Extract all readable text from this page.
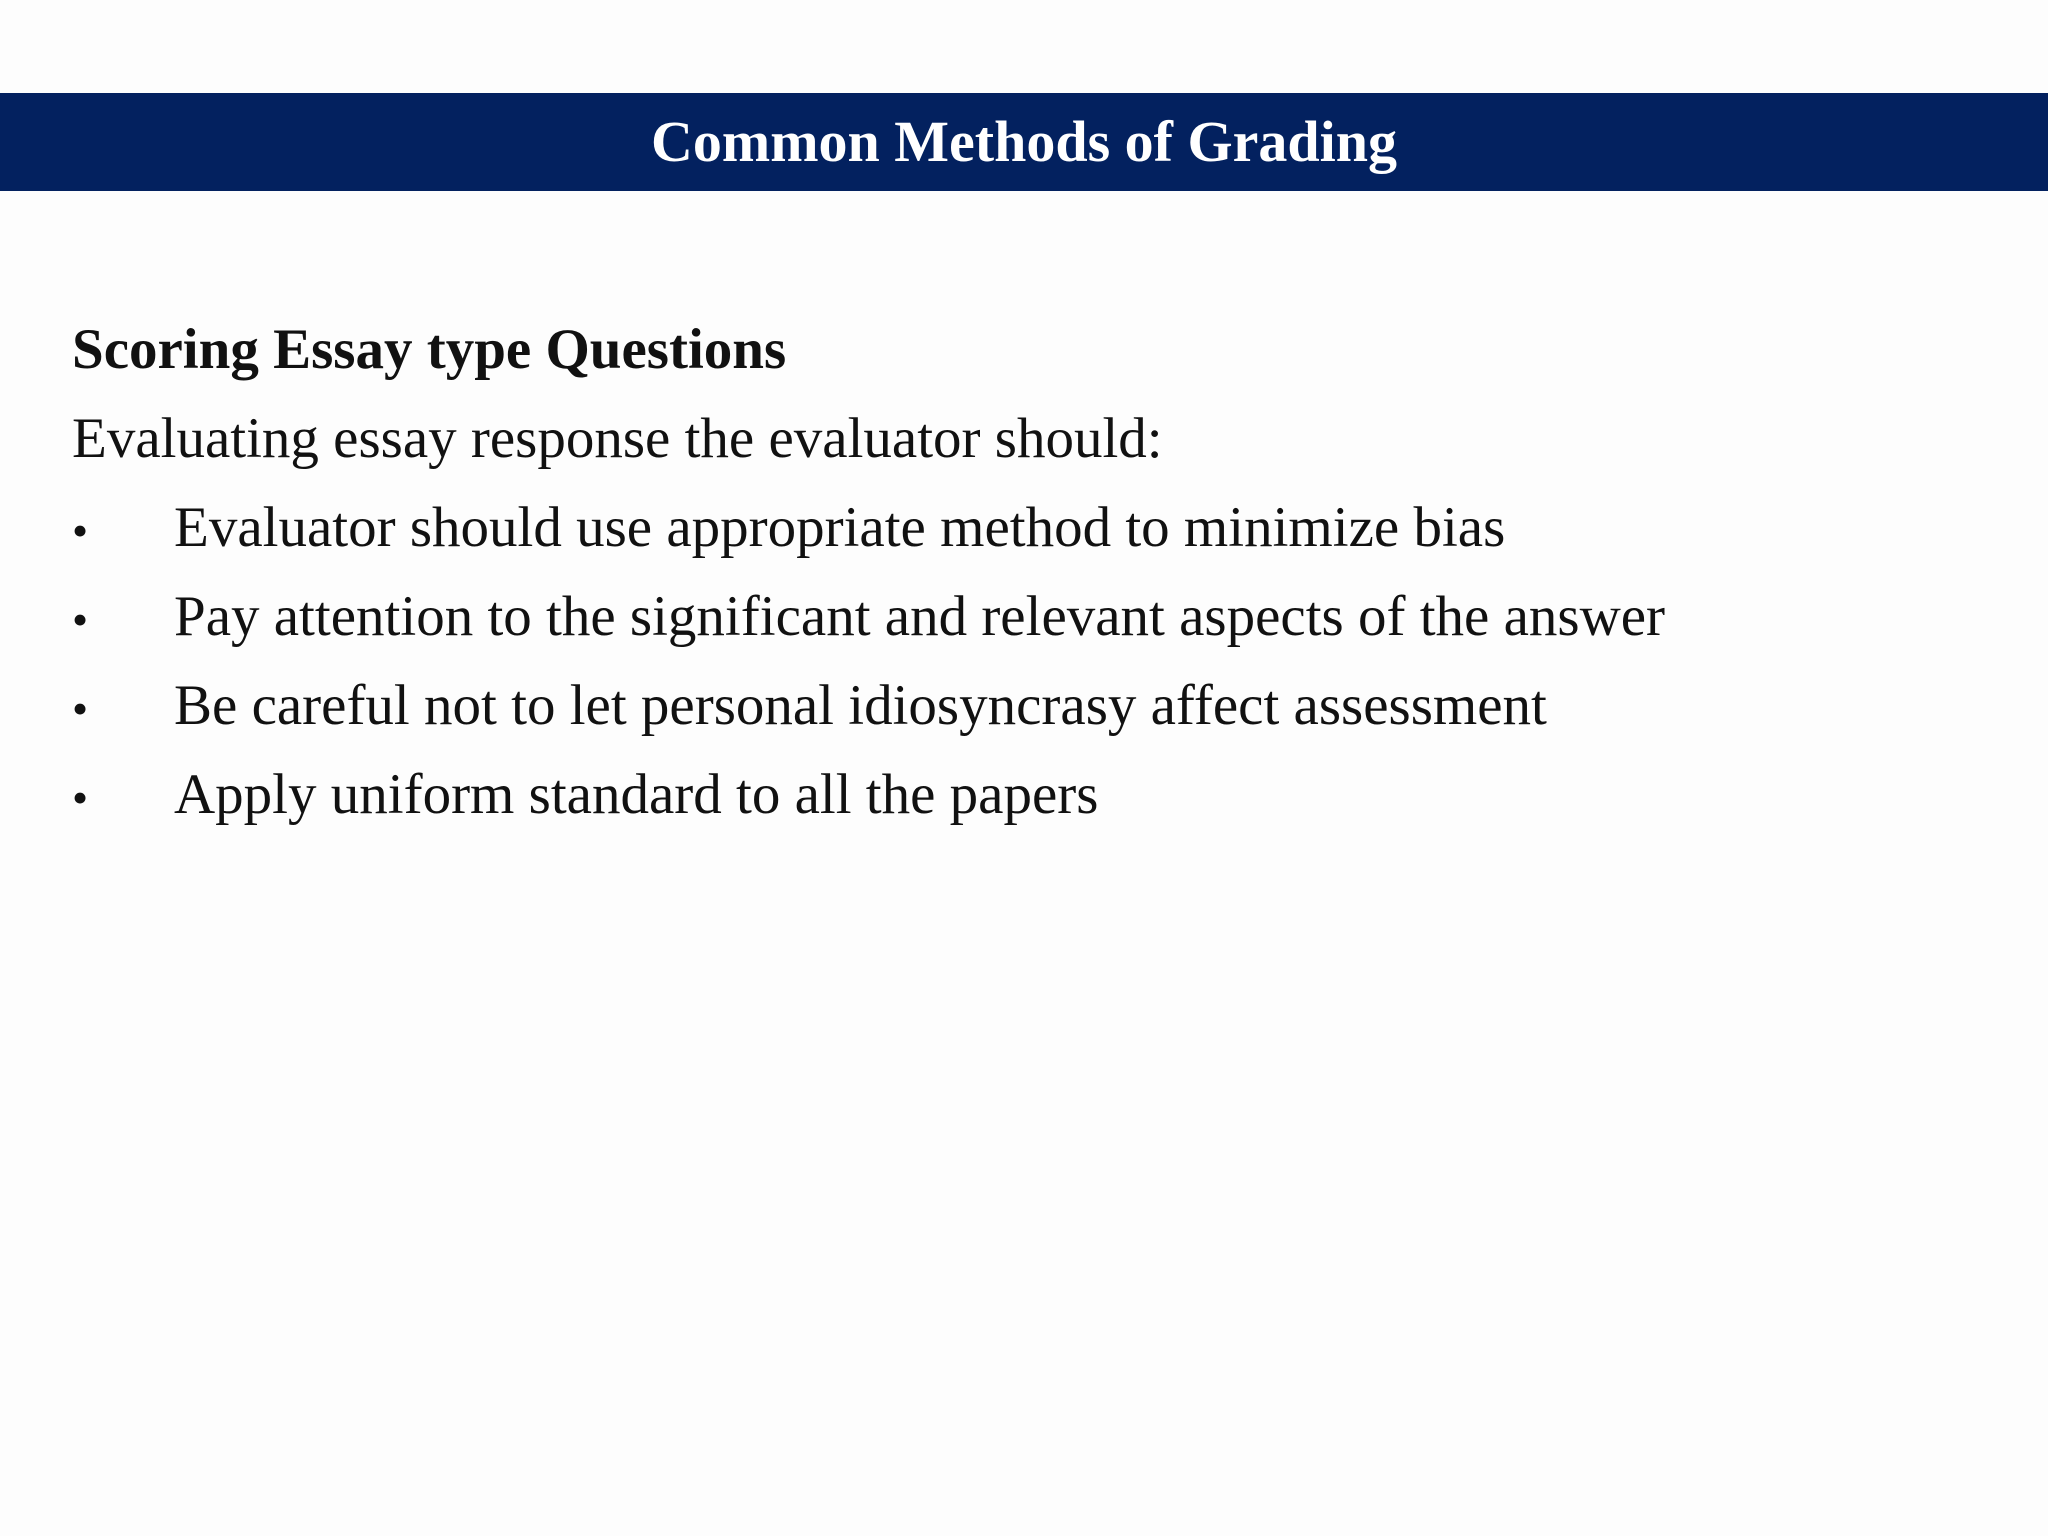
Common Methods of Grading
Scoring Essay type Questions
Evaluating essay response the evaluator should:
•	Evaluator should use appropriate method to minimize bias
•	Pay attention to the significant and relevant aspects of the answer
•	Be careful not to let personal idiosyncrasy affect assessment
•	Apply uniform standard to all the papers
